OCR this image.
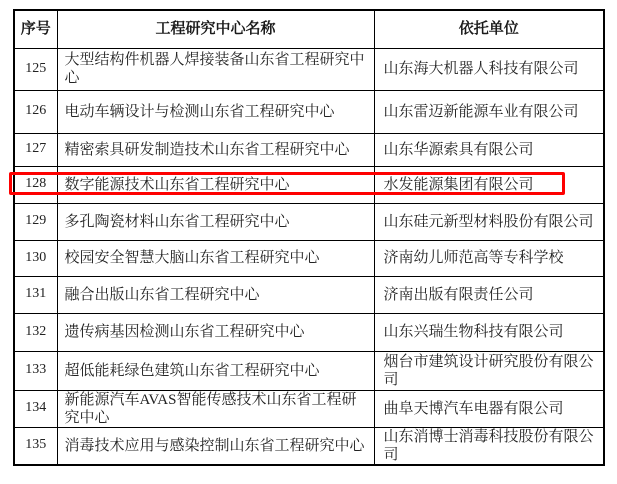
序号	工程研究中心名称	依托单位
125	大型结构件机器人焊接装备山东省工程研究中心	山东海大机器人科技有限公司
126	电动车辆设计与检测山东省工程研究中心	山东雷迈新能源车业有限公司
127	精密索具研发制造技术山东省工程研究中心	山东华源索具有限公司
128	数字能源技术山东省工程研究中心	水发能源集团有限公司
129	多孔陶瓷材料山东省工程研究中心	山东硅元新型材料股份有限公司
130	校园安全智慧大脑山东省工程研究中心	济南幼儿师范高等专科学校
131	融合出版山东省工程研究中心	济南出版有限责任公司
132	遗传病基因检测山东省工程研究中心	山东兴瑞生物科技有限公司
133	超低能耗绿色建筑山东省工程研究中心	烟台市建筑设计研究股份有限公司
134	新能源汽车AVAS智能传感技术山东省工程研究中心	曲阜天博汽车电器有限公司
135	消毒技术应用与感染控制山东省工程研究中心	山东消博士消毒科技股份有限公司
